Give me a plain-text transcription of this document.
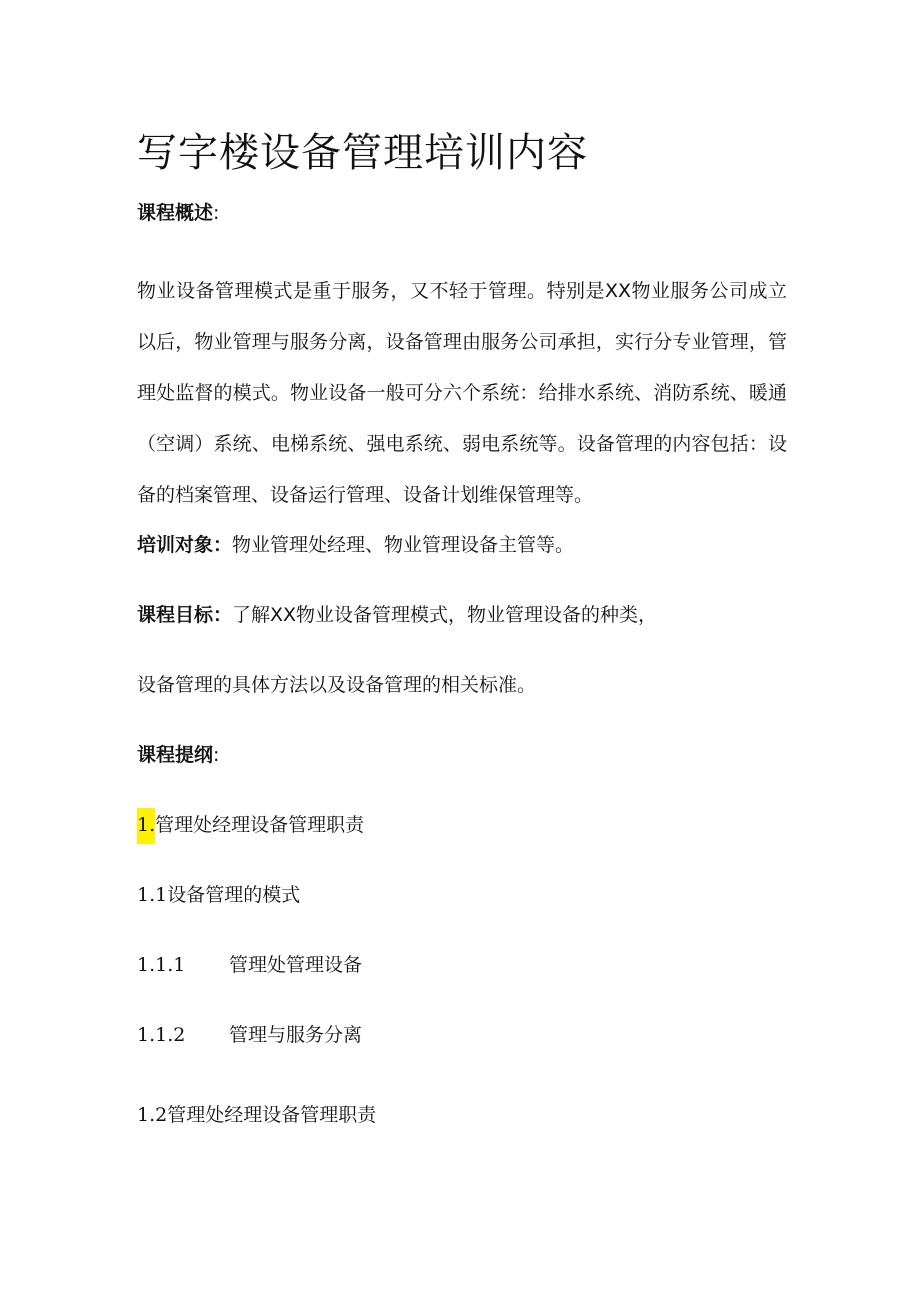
写字楼设备管理培训内容

课程概述:

物业设备管理模式是重于服务，又不轻于管理。特别是XX物业服务公司成立以后，物业管理与服务分离，设备管理由服务公司承担，实行分专业管理，管理处监督的模式。物业设备一般可分六个系统：给排水系统、消防系统、暖通（空调）系统、电梯系统、强电系统、弱电系统等。设备管理的内容包括：设备的档案管理、设备运行管理、设备计划维保管理等。

培训对象：物业管理处经理、物业管理设备主管等。

课程目标：了解XX物业设备管理模式，物业管理设备的种类，

设备管理的具体方法以及设备管理的相关标准。

课程提纲:

1.管理处经理设备管理职责

1.1设备管理的模式

1.1.1 管理处管理设备

1.1.2 管理与服务分离

1.2管理处经理设备管理职责
